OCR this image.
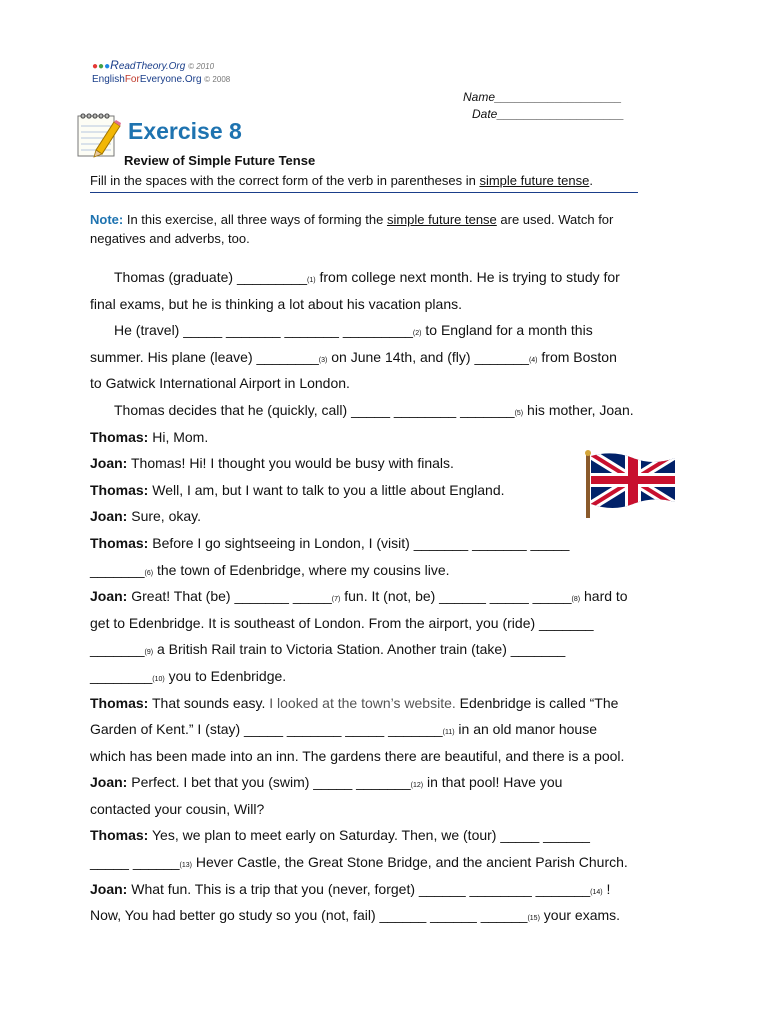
●●●ReadTheory.Org © 2010
EnglishForEveryone.Org © 2008
Name___________________
Date___________________
Exercise 8
Review of Simple Future Tense
Fill in the spaces with the correct form of the verb in parentheses in simple future tense.
Note: In this exercise, all three ways of forming the simple future tense are used. Watch for negatives and adverbs, too.
Thomas (graduate) _________(1) from college next month. He is trying to study for
final exams, but he is thinking a lot about his vacation plans.
He (travel) _____ _______ _______ _________(2) to England for a month this
summer. His plane (leave) ________(3) on June 14th, and (fly) _______(4) from Boston
to Gatwick International Airport in London.
Thomas decides that he (quickly, call) _____ ________ _______(5) his mother, Joan.
Thomas: Hi, Mom.
Joan: Thomas! Hi! I thought you would be busy with finals.
Thomas: Well, I am, but I want to talk to you a little about England.
Joan: Sure, okay.
Thomas: Before I go sightseeing in London, I (visit) _______ _______ _____
_______(6) the town of Edenbridge, where my cousins live.
Joan: Great! That (be) _______ _____(7) fun. It (not, be) ______ _____ _____(8) hard to
get to Edenbridge. It is southeast of London. From the airport, you (ride) _______
_______(9) a British Rail train to Victoria Station. Another train (take) _______
________(10) you to Edenbridge.
Thomas: That sounds easy. I looked at the town’s website. Edenbridge is called “The
Garden of Kent.” I (stay) _____ _______ _____ _______(11) in an old manor house
which has been made into an inn. The gardens there are beautiful, and there is a pool.
Joan: Perfect. I bet that you (swim) _____ _______(12) in that pool! Have you
contacted your cousin, Will?
Thomas: Yes, we plan to meet early on Saturday. Then, we (tour) _____ ______
_____ ______(13) Hever Castle, the Great Stone Bridge, and the ancient Parish Church.
Joan: What fun. This is a trip that you (never, forget) ______ ________ _______(14) !
Now, You had better go study so you (not, fail) ______ ______ ______(15) your exams.
